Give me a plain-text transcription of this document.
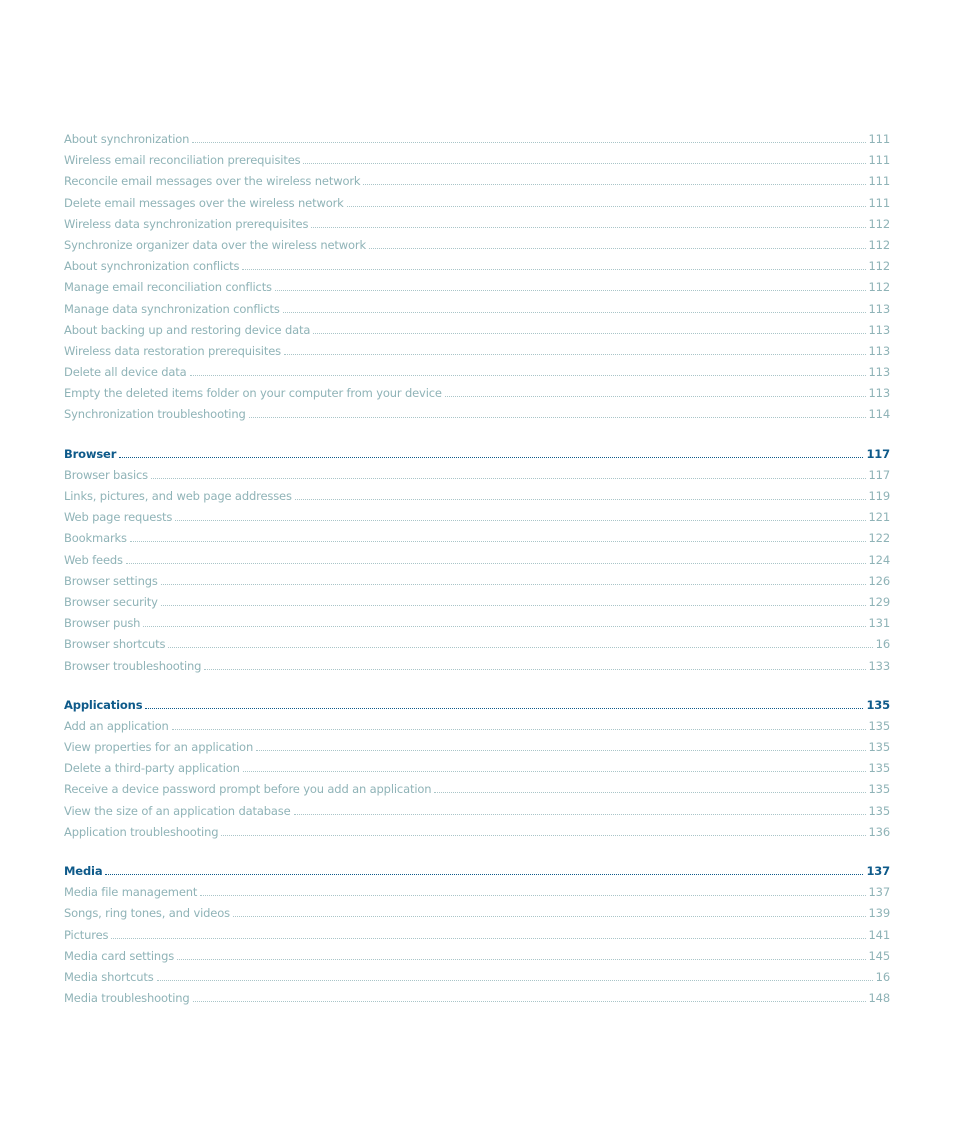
About synchronization	111
Wireless email reconciliation prerequisites	111
Reconcile email messages over the wireless network	111
Delete email messages over the wireless network	111
Wireless data synchronization prerequisites	112
Synchronize organizer data over the wireless network	112
About synchronization conflicts	112
Manage email reconciliation conflicts	112
Manage data synchronization conflicts	113
About backing up and restoring device data	113
Wireless data restoration prerequisites	113
Delete all device data	113
Empty the deleted items folder on your computer from your device	113
Synchronization troubleshooting	114
Browser	117
Browser basics	117
Links, pictures, and web page addresses	119
Web page requests	121
Bookmarks	122
Web feeds	124
Browser settings	126
Browser security	129
Browser push	131
Browser shortcuts	16
Browser troubleshooting	133
Applications	135
Add an application	135
View properties for an application	135
Delete a third-party application	135
Receive a device password prompt before you add an application	135
View the size of an application database	135
Application troubleshooting	136
Media	137
Media file management	137
Songs, ring tones, and videos	139
Pictures	141
Media card settings	145
Media shortcuts	16
Media troubleshooting	148
